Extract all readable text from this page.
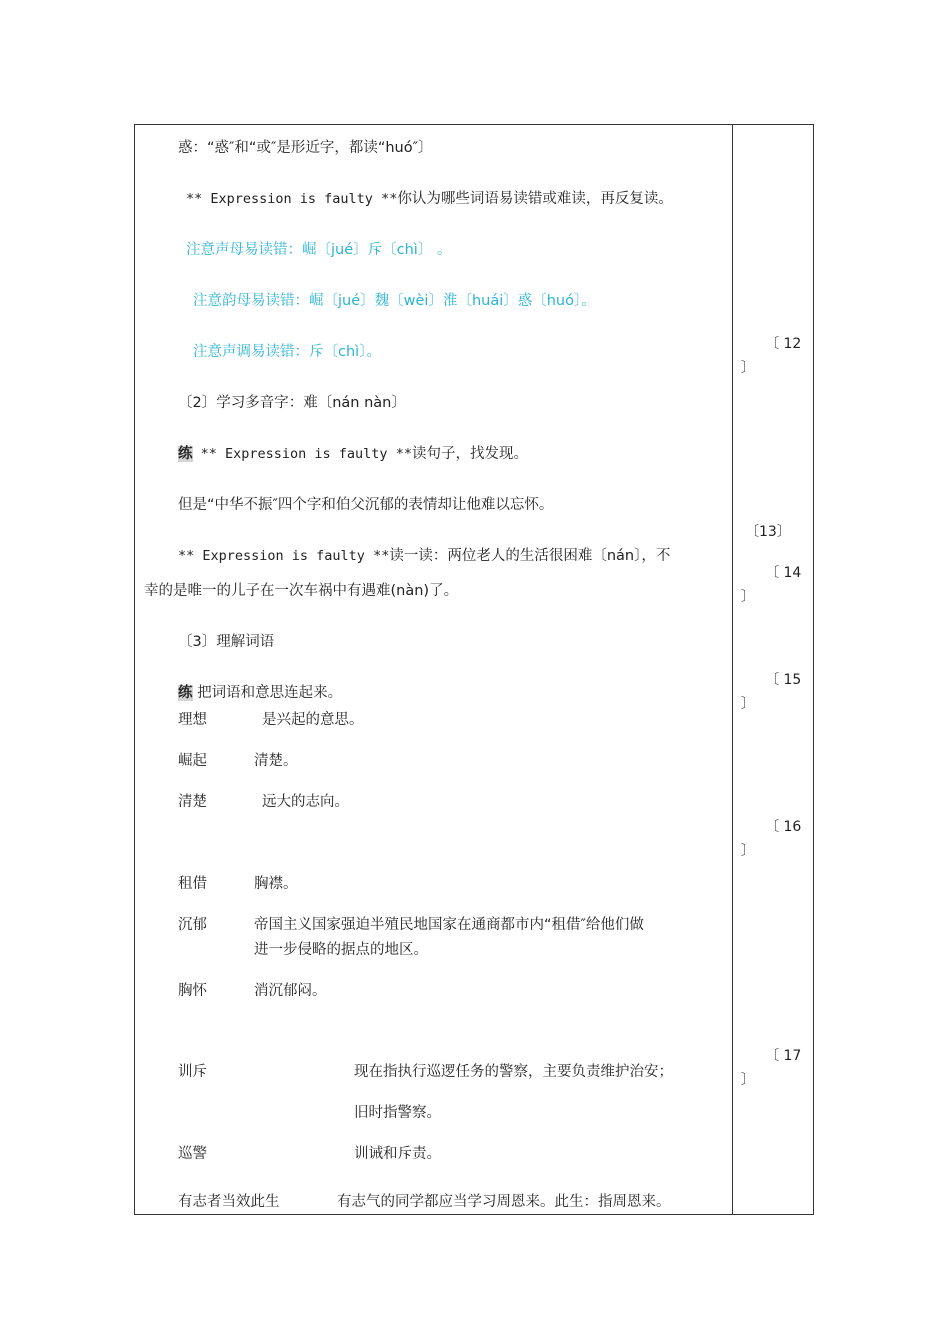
惑：“惑″和“或″是形近字，都读“huó″〕
** Expression is faulty **你认为哪些词语易读错或难读，再反复读。
注意声母易读错：崛〔jué〕斥〔chì〕 。
注意韵母易读错：崛〔jué〕魏〔wèi〕淮〔huái〕惑〔huó〕。
注意声调易读错：斥〔chì〕。
〔2〕学习多音字：难〔nán nàn〕
练 ** Expression is faulty **读句子，找发现。
但是“中华不振″四个字和伯父沉郁的表情却让他难以忘怀。
** Expression is faulty **读一读：两位老人的生活很困难〔nán〕，不
幸的是唯一的儿子在一次车祸中有遇难(nàn)了。
〔3〕理解词语
练 把词语和意思连起来。
理想	是兴起的意思。
崛起	清楚。
清楚	远大的志向。
租借	胸襟。
沉郁	帝国主义国家强迫半殖民地国家在通商都市内“租借″给他们做
进一步侵略的据点的地区。
胸怀	消沉郁闷。
训斥	现在指执行巡逻任务的警察，主要负责维护治安；
旧时指警察。
巡警	训诫和斥责。
有志者当效此生	有志气的同学都应当学习周恩来。此生：指周恩来。
〔 12
〕
〔13〕
〔 14
〕
〔 15
〕
〔 16
〕
〔 17
〕
